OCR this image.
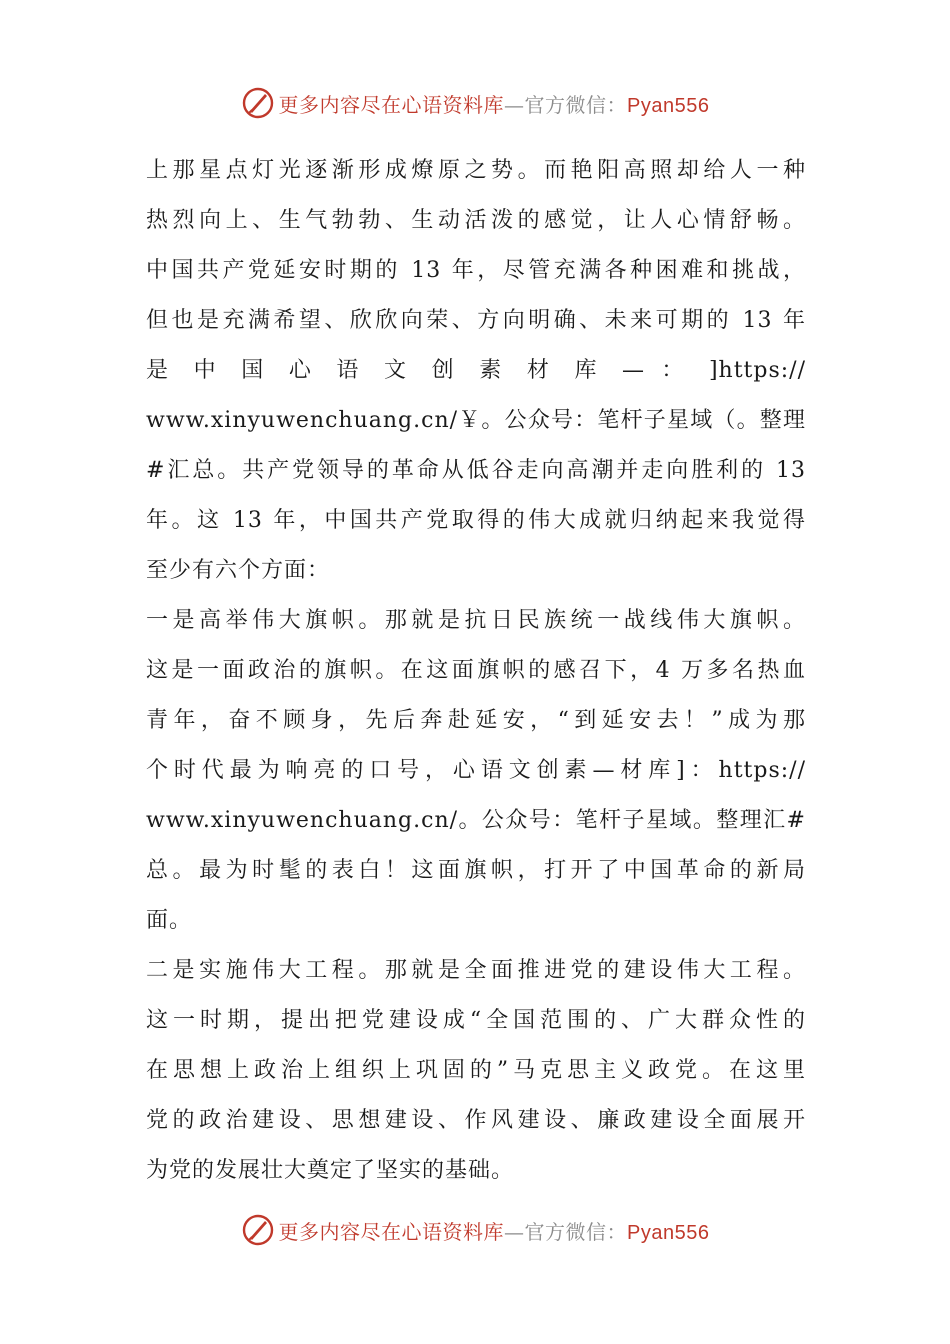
更多内容尽在心语资料库—官方微信：Pyan556
上那星点灯光逐渐形成燎原之势。而艳阳高照却给人一种
热烈向上、生气勃勃、生动活泼的感觉，让人心情舒畅。
中国共产党延安时期的 13 年，尽管充满各种困难和挑战，
但也是充满希望、欣欣向荣、方向明确、未来可期的 13 年
是 中 国 心 语 文 创 素 材 库 — ： ]https://
www.xinyuwenchuang.cn/￥。公众号：笔杆子星域（。整理
#汇总。共产党领导的革命从低谷走向高潮并走向胜利的 13
年。这 13 年，中国共产党取得的伟大成就归纳起来我觉得
至少有六个方面：
一是高举伟大旗帜。那就是抗日民族统一战线伟大旗帜。
这是一面政治的旗帜。在这面旗帜的感召下，4 万多名热血
青年，奋不顾身，先后奔赴延安，“到延安去！”成为那
个时代最为响亮的口号，心语文创素—材库]：https://
www.xinyuwenchuang.cn/。公众号：笔杆子星域。整理汇#
总。最为时髦的表白！这面旗帜，打开了中国革命的新局
面。
二是实施伟大工程。那就是全面推进党的建设伟大工程。
这一时期，提出把党建设成“全国范围的、广大群众性的
在思想上政治上组织上巩固的”马克思主义政党。在这里
党的政治建设、思想建设、作风建设、廉政建设全面展开
为党的发展壮大奠定了坚实的基础。
更多内容尽在心语资料库—官方微信：Pyan556
